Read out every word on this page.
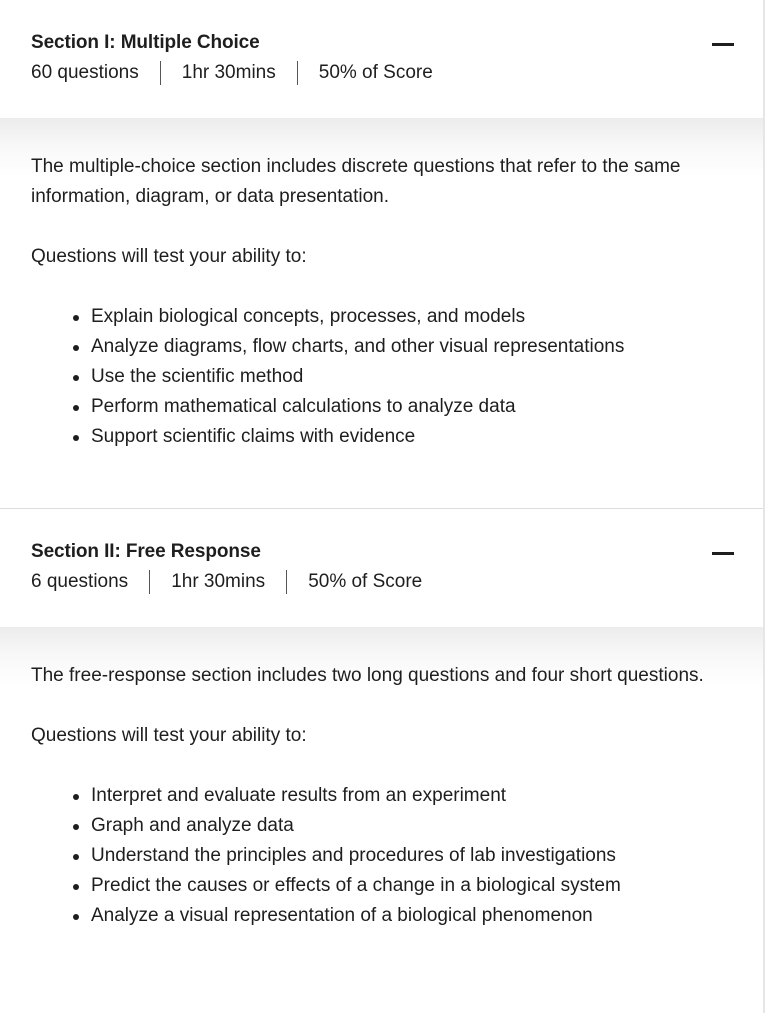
Section I: Multiple Choice
60 questions 1hr 30mins 50% of Score

The multiple-choice section includes discrete questions that refer to the same information, diagram, or data presentation.

Questions will test your ability to:

Explain biological concepts, processes, and models
Analyze diagrams, flow charts, and other visual representations
Use the scientific method
Perform mathematical calculations to analyze data
Support scientific claims with evidence
Section II: Free Response
6 questions 1hr 30mins 50% of Score

The free-response section includes two long questions and four short questions.

Questions will test your ability to:

Interpret and evaluate results from an experiment
Graph and analyze data
Understand the principles and procedures of lab investigations
Predict the causes or effects of a change in a biological system
Analyze a visual representation of a biological phenomenon
